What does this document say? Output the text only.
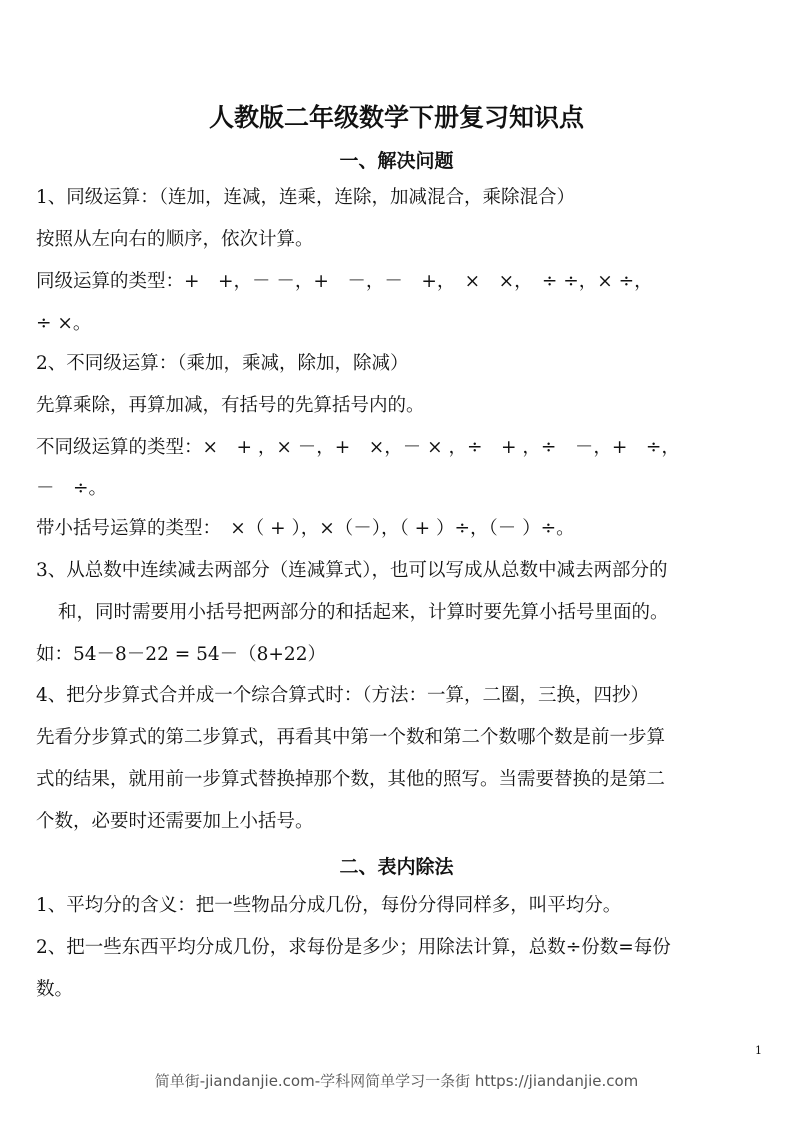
人教版二年级数学下册复习知识点
一、解决问题
1、同级运算：（连加，连减，连乘，连除，加减混合，乘除混合）
按照从左向右的顺序，依次计算。
同级运算的类型：+　+，－ －，+　－，－　+，　×　×，　÷ ÷，× ÷，
÷ ×。
2、不同级运算：（乘加，乘减，除加，除减）
先算乘除，再算加减，有括号的先算括号内的。
不同级运算的类型：×　+ ，× －，+　×，－ × ，÷　+ ，÷　－，+　÷，
－　÷。
带小括号运算的类型：　×（ + ），×（－），（ + ）÷，（－ ）÷。
3、从总数中连续减去两部分（连减算式），也可以写成从总数中减去两部分的
和，同时需要用小括号把两部分的和括起来，计算时要先算小括号里面的。
如：54－8－22 = 54－（8+22）
4、把分步算式合并成一个综合算式时：（方法：一算，二圈，三换，四抄）
先看分步算式的第二步算式，再看其中第一个数和第二个数哪个数是前一步算
式的结果，就用前一步算式替换掉那个数，其他的照写。当需要替换的是第二
个数，必要时还需要加上小括号。
二、表内除法
1、平均分的含义：把一些物品分成几份，每份分得同样多，叫平均分。
2、把一些东西平均分成几份，求每份是多少；用除法计算，总数÷份数=每份
数。
1
简单街-jiandanjie.com-学科网简单学习一条街 https://jiandanjie.com
